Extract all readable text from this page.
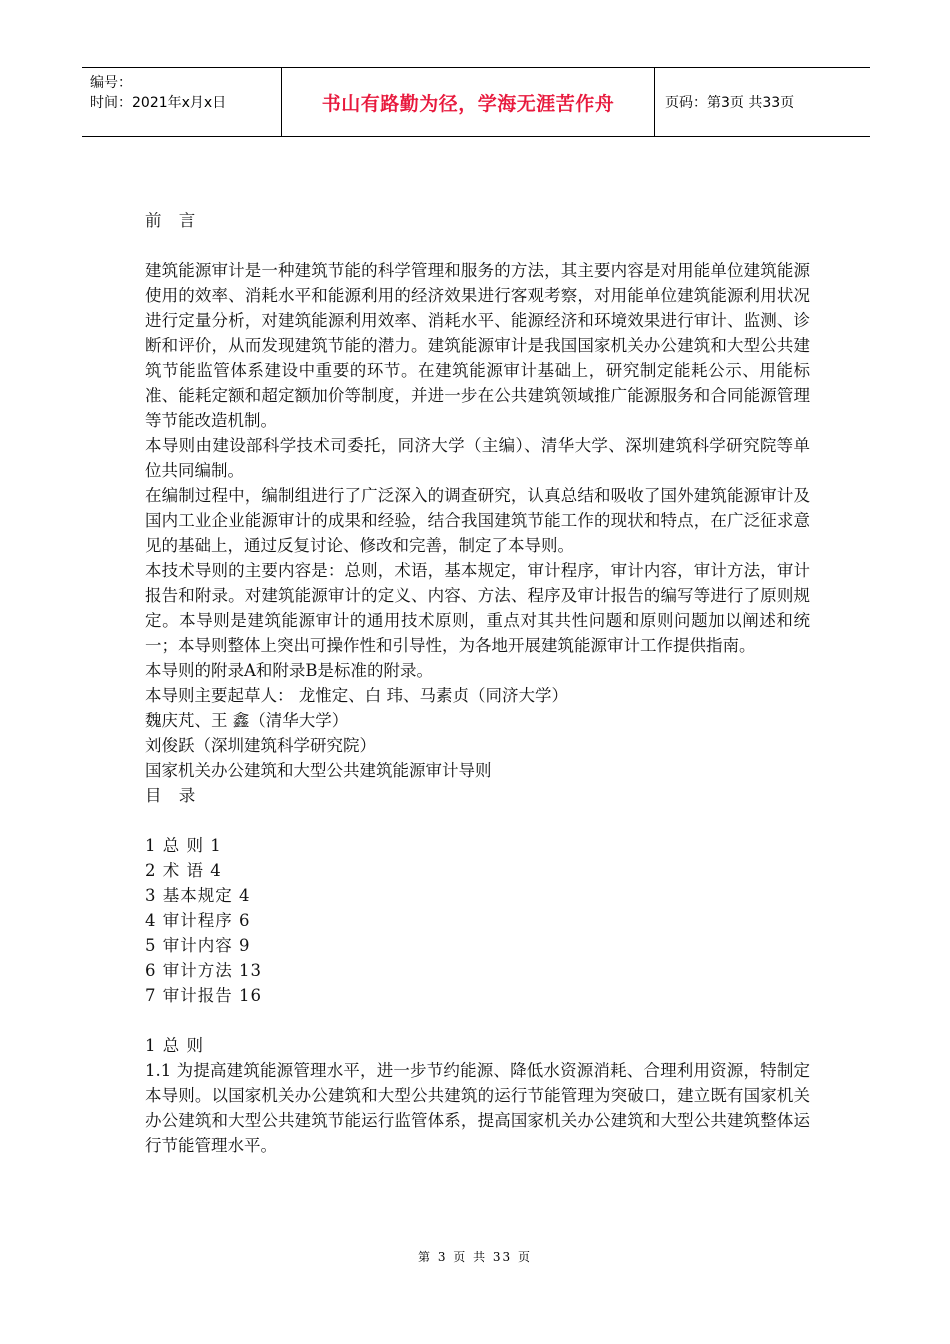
编号：
时间：2021年x月x日	书山有路勤为径，学海无涯苦作舟	页码：第3页 共33页

前 言

建筑能源审计是一种建筑节能的科学管理和服务的方法，其主要内容是对用能单位建筑能源使用的效率、消耗水平和能源利用的经济效果进行客观考察，对用能单位建筑能源利用状况进行定量分析，对建筑能源利用效率、消耗水平、能源经济和环境效果进行审计、监测、诊断和评价，从而发现建筑节能的潜力。建筑能源审计是我国国家机关办公建筑和大型公共建筑节能监管体系建设中重要的环节。在建筑能源审计基础上，研究制定能耗公示、用能标准、能耗定额和超定额加价等制度，并进一步在公共建筑领域推广能源服务和合同能源管理等节能改造机制。

本导则由建设部科学技术司委托，同济大学（主编）、清华大学、深圳建筑科学研究院等单位共同编制。

在编制过程中，编制组进行了广泛深入的调查研究，认真总结和吸收了国外建筑能源审计及国内工业企业能源审计的成果和经验，结合我国建筑节能工作的现状和特点，在广泛征求意见的基础上，通过反复讨论、修改和完善，制定了本导则。

本技术导则的主要内容是：总则，术语，基本规定，审计程序，审计内容，审计方法，审计报告和附录。对建筑能源审计的定义、内容、方法、程序及审计报告的编写等进行了原则规定。本导则是建筑能源审计的通用技术原则，重点对其共性问题和原则问题加以阐述和统一；本导则整体上突出可操作性和引导性，为各地开展建筑能源审计工作提供指南。

本导则的附录A和附录B是标准的附录。

本导则主要起草人： 龙惟定、白 玮、马素贞（同济大学）

魏庆芃、王 鑫（清华大学）

刘俊跃（深圳建筑科学研究院）

国家机关办公建筑和大型公共建筑能源审计导则

目 录

1 总 则 1

2 术 语 4

3 基本规定 4

4 审计程序 6

5 审计内容 9

6 审计方法 13

7 审计报告 16

1 总 则

1.1 为提高建筑能源管理水平，进一步节约能源、降低水资源消耗、合理利用资源，特制定本导则。以国家机关办公建筑和大型公共建筑的运行节能管理为突破口，建立既有国家机关办公建筑和大型公共建筑节能运行监管体系，提高国家机关办公建筑和大型公共建筑整体运行节能管理水平。

第 3 页 共 33 页
